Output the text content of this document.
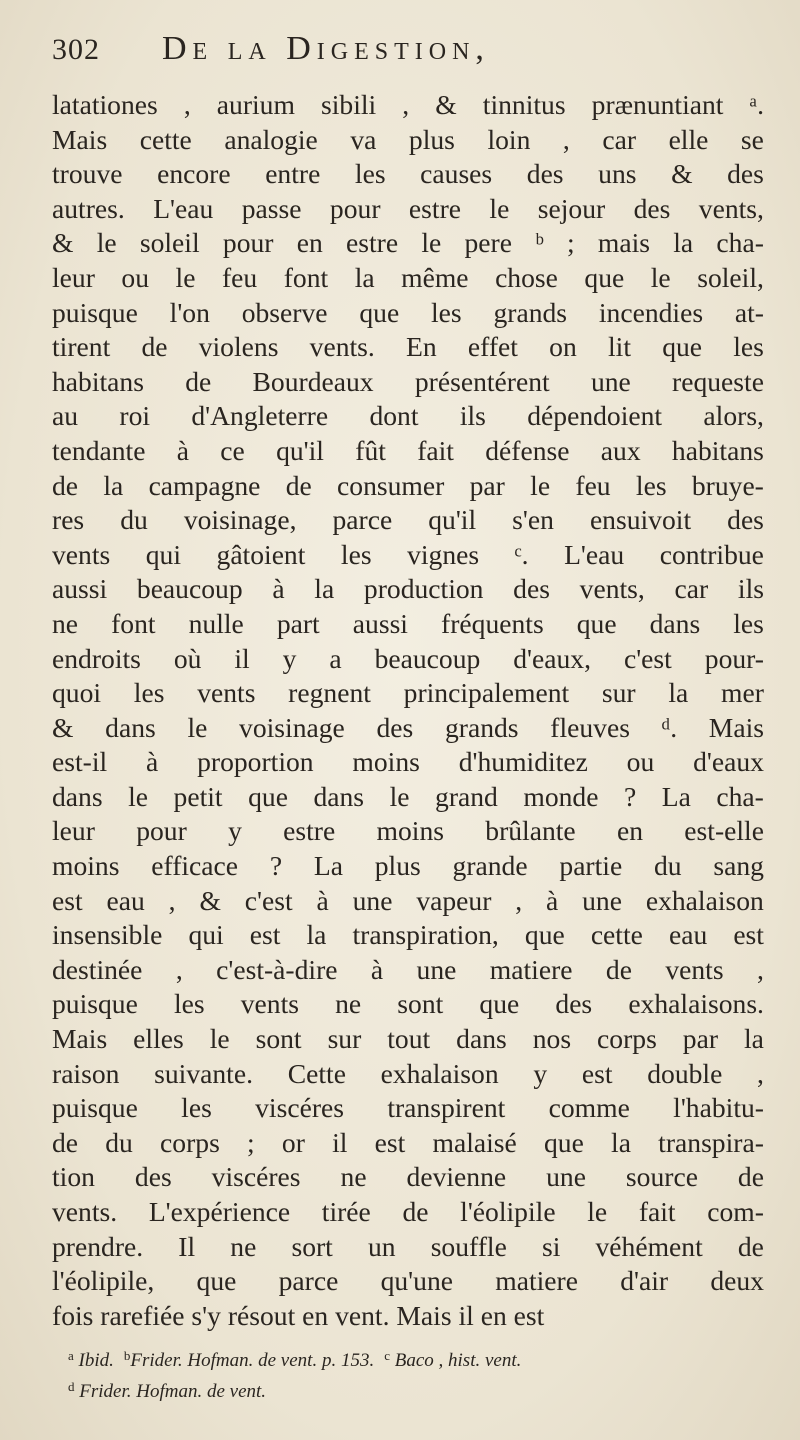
302	De la Digestion,
latationes , aurium sibili , & tinnitus prænuntiant ᵃ.
Mais cette analogie va plus loin , car elle se
trouve encore entre les causes des uns & des
autres. L'eau passe pour estre le sejour des vents,
& le soleil pour en estre le pere ᵇ ; mais la cha-
leur ou le feu font la même chose que le soleil,
puisque l'on observe que les grands incendies at-
tirent de violens vents. En effet on lit que les
habitans de Bourdeaux présentérent une requeste
au roi d'Angleterre dont ils dépendoient alors,
tendante à ce qu'il fût fait défense aux habitans
de la campagne de consumer par le feu les bruye-
res du voisinage, parce qu'il s'en ensuivoit des
vents qui gâtoient les vignes ᶜ. L'eau contribue
aussi beaucoup à la production des vents, car ils
ne font nulle part aussi fréquents que dans les
endroits où il y a beaucoup d'eaux, c'est pour-
quoi les vents regnent principalement sur la mer
& dans le voisinage des grands fleuves ᵈ. Mais
est-il à proportion moins d'humiditez ou d'eaux
dans le petit que dans le grand monde ? La cha-
leur pour y estre moins brûlante en est-elle
moins efficace ? La plus grande partie du sang
est eau , & c'est à une vapeur , à une exhalaison
insensible qui est la transpiration, que cette eau est
destinée , c'est-à-dire à une matiere de vents ,
puisque les vents ne sont que des exhalaisons.
Mais elles le sont sur tout dans nos corps par la
raison suivante. Cette exhalaison y est double ,
puisque les viscéres transpirent comme l'habitu-
de du corps ; or il est malaisé que la transpira-
tion des viscéres ne devienne une source de
vents. L'expérience tirée de l'éolipile le fait com-
prendre. Il ne sort un souffle si véhément de
l'éolipile, que parce qu'une matiere d'air deux
fois rarefiée s'y résout en vent. Mais il en est
$^a$ Ibid. $^b$Frider. Hofman. de vent. p. 153. $^c$ Baco , hist. vent.
$^d$ Frider. Hofman. de vent.
